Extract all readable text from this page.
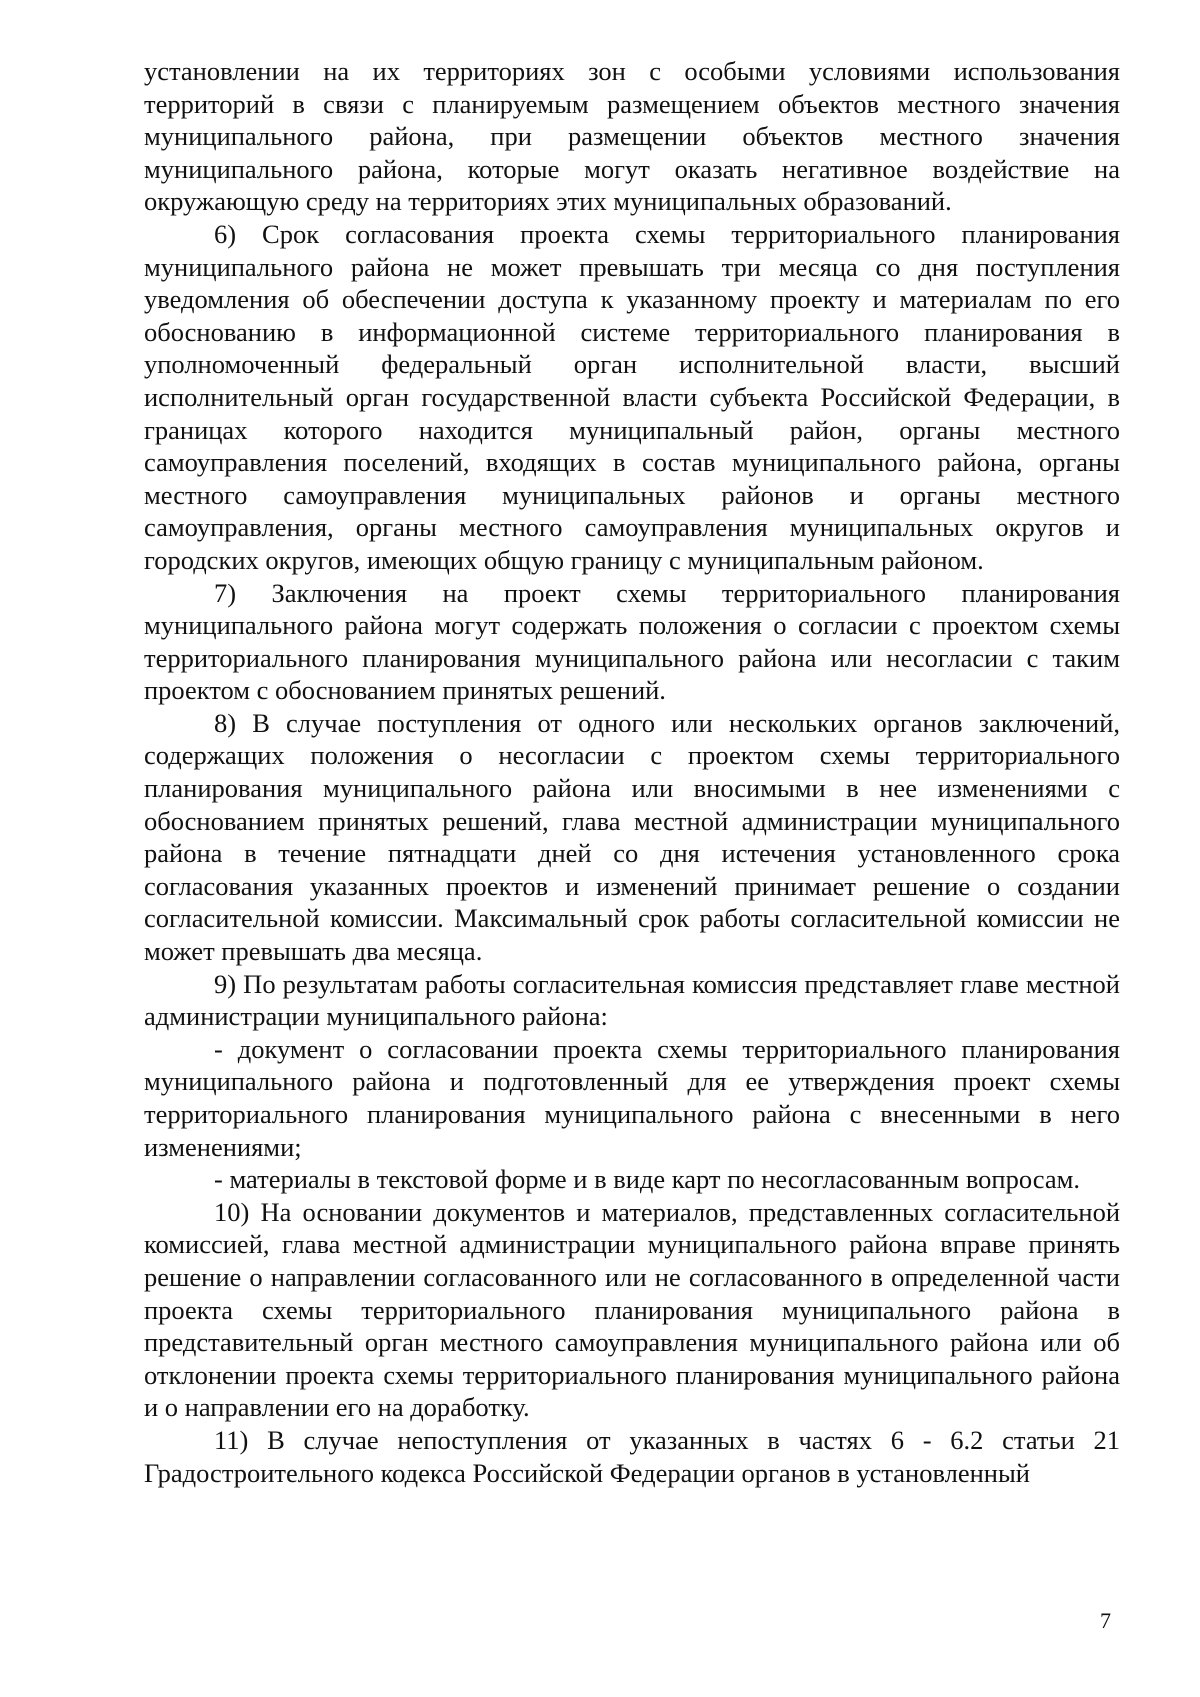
установлении на их территориях зон с особыми условиями использования территорий в связи с планируемым размещением объектов местного значения муниципального района, при размещении объектов местного значения муниципального района, которые могут оказать негативное воздействие на окружающую среду на территориях этих муниципальных образований.

6) Срок согласования проекта схемы территориального планирования муниципального района не может превышать три месяца со дня поступления уведомления об обеспечении доступа к указанному проекту и материалам по его обоснованию в информационной системе территориального планирования в уполномоченный федеральный орган исполнительной власти, высший исполнительный орган государственной власти субъекта Российской Федерации, в границах которого находится муниципальный район, органы местного самоуправления поселений, входящих в состав муниципального района, органы местного самоуправления муниципальных районов и органы местного самоуправления, органы местного самоуправления муниципальных округов и городских округов, имеющих общую границу с муниципальным районом.

7) Заключения на проект схемы территориального планирования муниципального района могут содержать положения о согласии с проектом схемы территориального планирования муниципального района или несогласии с таким проектом с обоснованием принятых решений.

8) В случае поступления от одного или нескольких органов заключений, содержащих положения о несогласии с проектом схемы территориального планирования муниципального района или вносимыми в нее изменениями с обоснованием принятых решений, глава местной администрации муниципального района в течение пятнадцати дней со дня истечения установленного срока согласования указанных проектов и изменений принимает решение о создании согласительной комиссии. Максимальный срок работы согласительной комиссии не может превышать два месяца.

9) По результатам работы согласительная комиссия представляет главе местной администрации муниципального района:

- документ о согласовании проекта схемы территориального планирования муниципального района и подготовленный для ее утверждения проект схемы территориального планирования муниципального района с внесенными в него изменениями;

- материалы в текстовой форме и в виде карт по несогласованным вопросам.

10) На основании документов и материалов, представленных согласительной комиссией, глава местной администрации муниципального района вправе принять решение о направлении согласованного или не согласованного в определенной части проекта схемы территориального планирования муниципального района в представительный орган местного самоуправления муниципального района или об отклонении проекта схемы территориального планирования муниципального района и о направлении его на доработку.

11) В случае непоступления от указанных в частях 6 - 6.2 статьи 21 Градостроительного кодекса Российской Федерации органов в установленный

7
